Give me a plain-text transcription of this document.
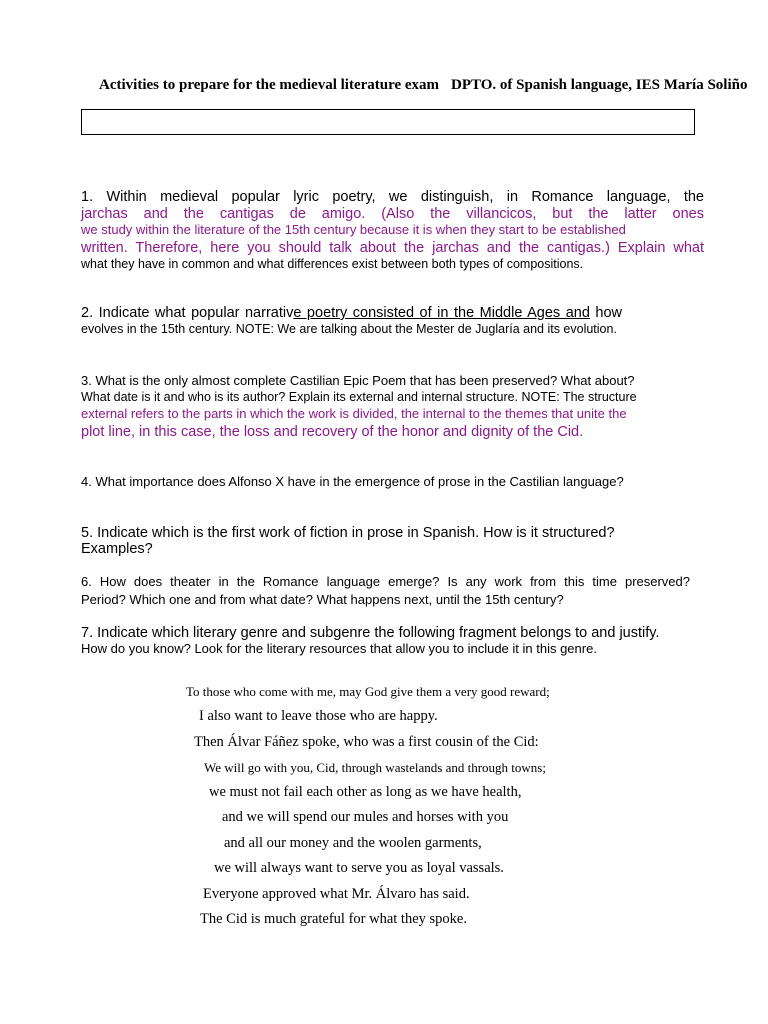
Activities to prepare for the medieval literature exam DPTO. of Spanish language, IES María Soliño
1. Within medieval popular lyric poetry, we distinguish, in Romance language, the
jarchas and the cantigas de amigo. (Also the villancicos, but the latter ones
we study within the literature of the 15th century because it is when they start to be established
written. Therefore, here you should talk about the jarchas and the cantigas.) Explain what
what they have in common and what differences exist between both types of compositions.
2. Indicate what popular narrative poetry consisted of in the Middle Ages and how
evolves in the 15th century. NOTE: We are talking about the Mester de Juglaría and its evolution.
3. What is the only almost complete Castilian Epic Poem that has been preserved? What about?
What date is it and who is its author? Explain its external and internal structure. NOTE: The structure
external refers to the parts in which the work is divided, the internal to the themes that unite the
plot line, in this case, the loss and recovery of the honor and dignity of the Cid.
4. What importance does Alfonso X have in the emergence of prose in the Castilian language?
5. Indicate which is the first work of fiction in prose in Spanish. How is it structured?
Examples?
6. How does theater in the Romance language emerge? Is any work from this time preserved?
Period? Which one and from what date? What happens next, until the 15th century?
7. Indicate which literary genre and subgenre the following fragment belongs to and justify.
How do you know? Look for the literary resources that allow you to include it in this genre.
To those who come with me, may God give them a very good reward;
I also want to leave those who are happy.
Then Álvar Fáñez spoke, who was a first cousin of the Cid:
We will go with you, Cid, through wastelands and through towns;
we must not fail each other as long as we have health,
and we will spend our mules and horses with you
and all our money and the woolen garments,
we will always want to serve you as loyal vassals.
Everyone approved what Mr. Álvaro has said.
The Cid is much grateful for what they spoke.
